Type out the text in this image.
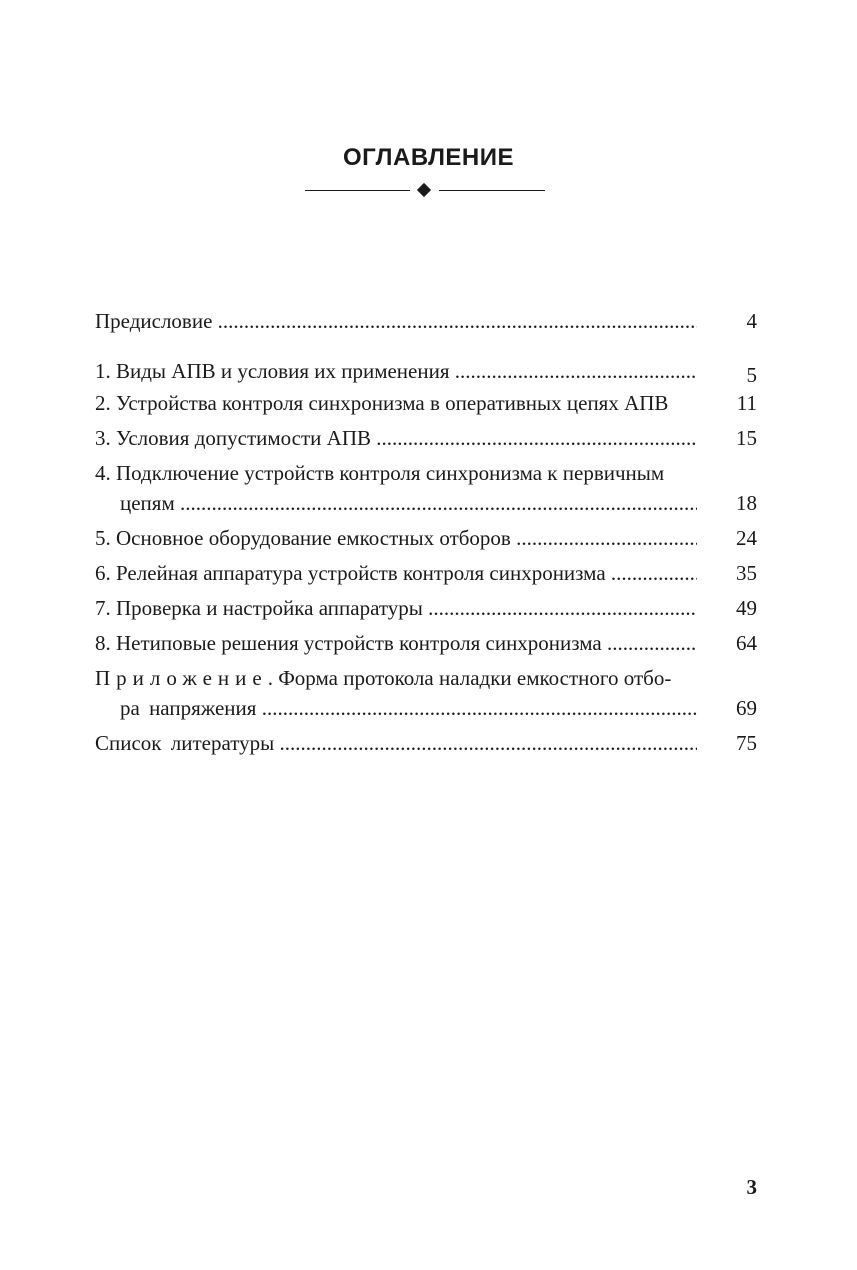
ОГЛАВЛЕНИЕ
Предисловие .....	4
1. Виды АПВ и условия их применения .....	5
2. Устройства контроля синхронизма в оперативных цепях АПВ	11
3. Условия допустимости АПВ .....	15
4. Подключение устройств контроля синхронизма к первичным
цепям .....	18
5. Основное оборудование емкостных отборов .....	24
6. Релейная аппаратура устройств контроля синхронизма .....	35
7. Проверка и настройка аппаратуры .....	49
8. Нетиповые решения устройств контроля синхронизма .....	64
Приложение. Форма протокола наладки емкостного отбо-
ра напряжения .....	69
Список литературы .....	75
3
